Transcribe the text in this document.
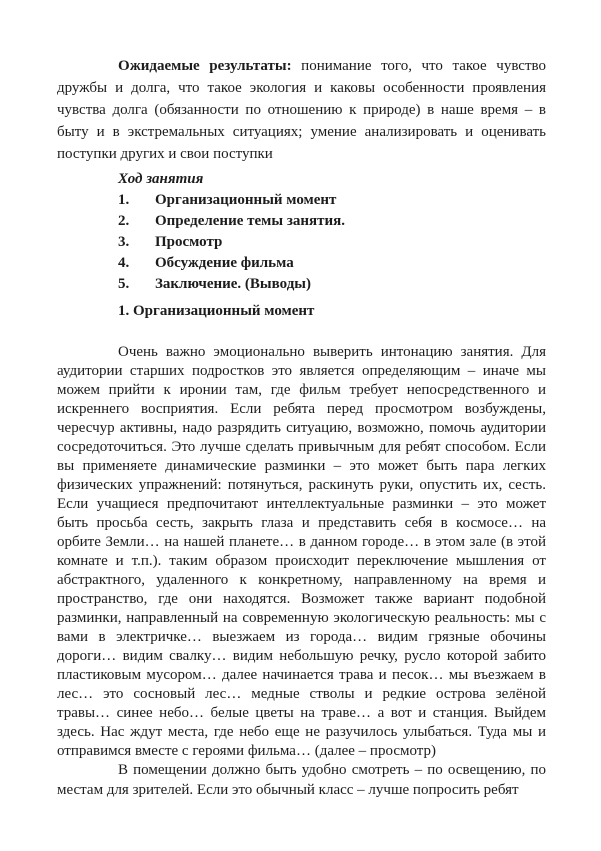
Ожидаемые результаты: понимание того, что такое чувство дружбы и долга, что такое экология и каковы особенности проявления чувства долга (обязанности по отношению к природе) в наше время – в быту и в экстремальных ситуациях; умение анализировать и оценивать поступки других и свои поступки

Ход занятия

1. Организационный момент
2. Определение темы занятия.
3. Просмотр
4. Обсуждение фильма
5. Заключение. (Выводы)
1. Организационный момент

Очень важно эмоционально выверить интонацию занятия. Для аудитории старших подростков это является определяющим – иначе мы можем прийти к иронии там, где фильм требует непосредственного и искреннего восприятия. Если ребята перед просмотром возбуждены, чересчур активны, надо разрядить ситуацию, возможно, помочь аудитории сосредоточиться. Это лучше сделать привычным для ребят способом. Если вы применяете динамические разминки – это может быть пара легких физических упражнений: потянуться, раскинуть руки, опустить их, сесть. Если учащиеся предпочитают интеллектуальные разминки – это может быть просьба сесть, закрыть глаза и представить себя в космосе… на орбите Земли… на нашей планете… в данном городе… в этом зале (в этой комнате и т.п.). таким образом происходит переключение мышления от абстрактного, удаленного к конкретному, направленному на время и пространство, где они находятся. Возможет также вариант подобной разминки, направленный на современную экологическую реальность: мы с вами в электричке… выезжаем из города… видим грязные обочины дороги… видим свалку… видим небольшую речку, русло которой забито пластиковым мусором… далее начинается трава и песок… мы въезжаем в лес… это сосновый лес… медные стволы и редкие острова зелёной травы… синее небо… белые цветы на траве… а вот и станция. Выйдем здесь. Нас ждут места, где небо еще не разучилось улыбаться. Туда мы и отправимся вместе с героями фильма… (далее – просмотр)

В помещении должно быть удобно смотреть – по освещению, по местам для зрителей. Если это обычный класс – лучше попросить ребят
